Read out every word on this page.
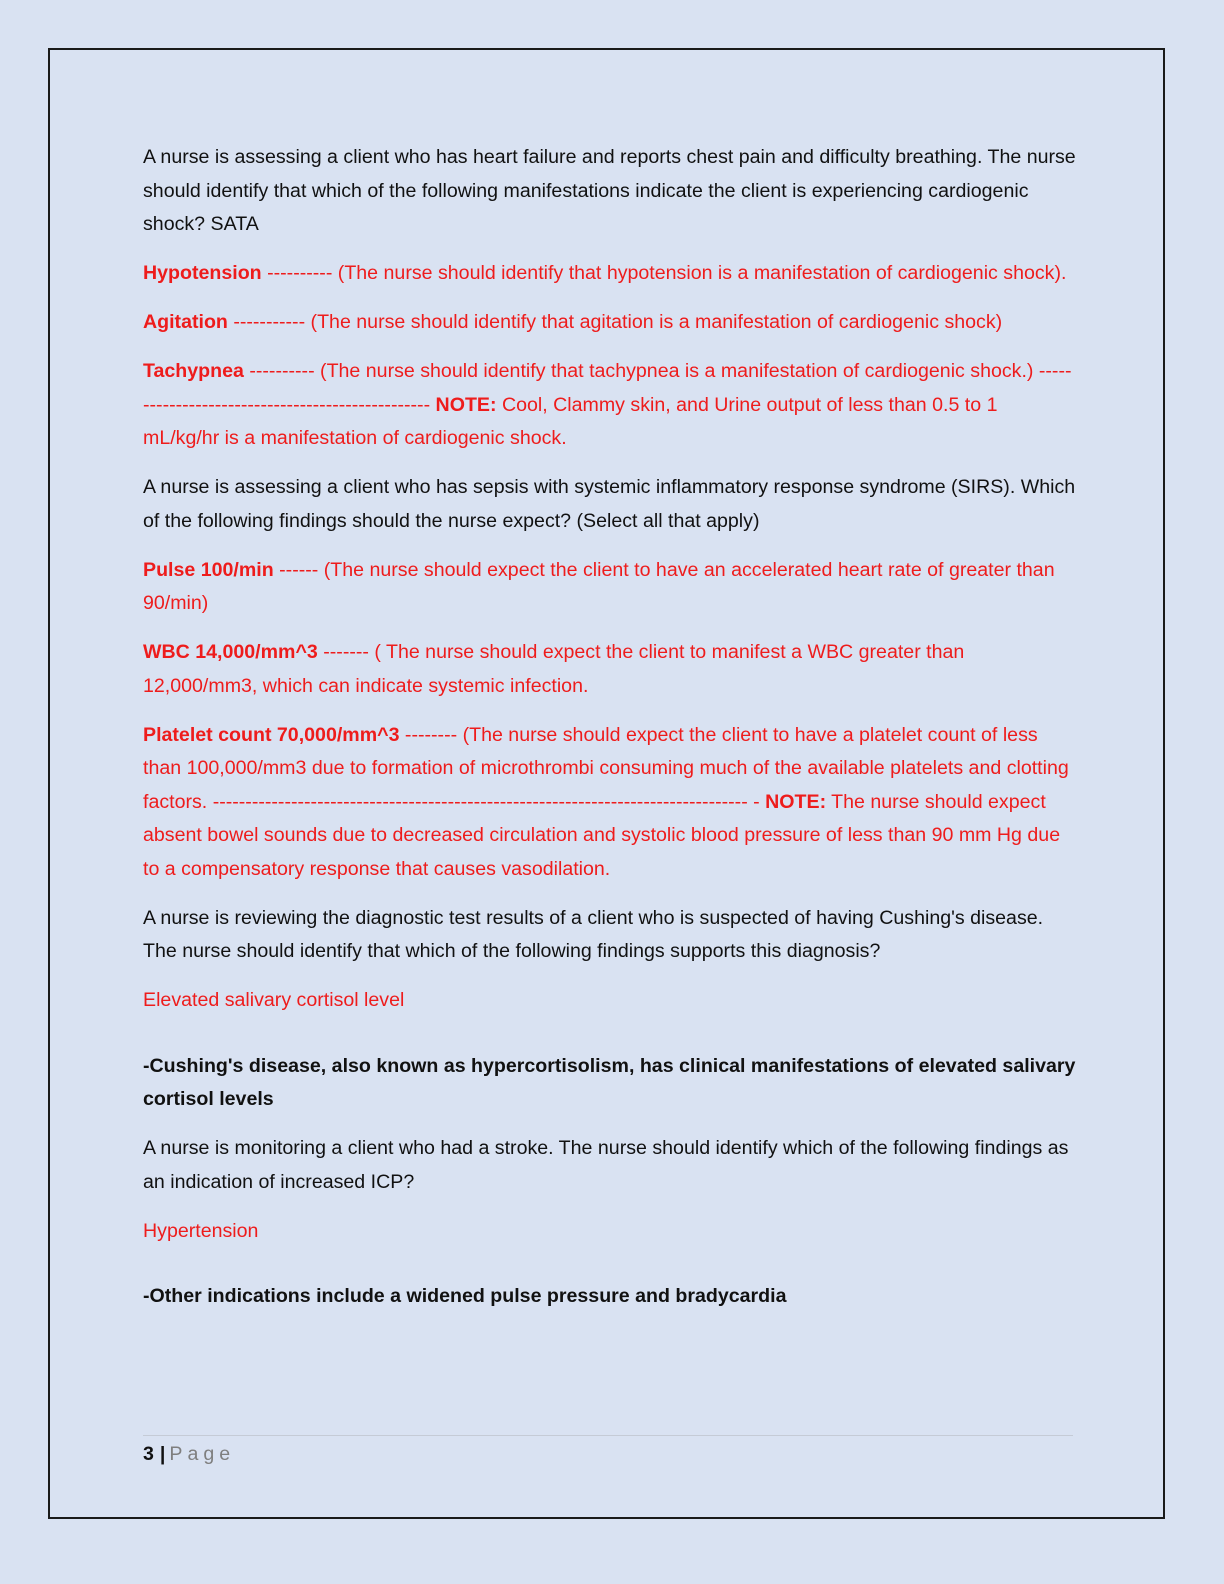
A nurse is assessing a client who has heart failure and reports chest pain and difficulty breathing. The nurse should identify that which of the following manifestations indicate the client is experiencing cardiogenic shock? SATA

Hypotension ---------- (The nurse should identify that hypotension is a manifestation of cardiogenic shock).

Agitation ----------- (The nurse should identify that agitation is a manifestation of cardiogenic shock)

Tachypnea ---------- (The nurse should identify that tachypnea is a manifestation of cardiogenic shock.) ------------------------------------------------- NOTE: Cool, Clammy skin, and Urine output of less than 0.5 to 1 mL/kg/hr is a manifestation of cardiogenic shock.

A nurse is assessing a client who has sepsis with systemic inflammatory response syndrome (SIRS). Which of the following findings should the nurse expect? (Select all that apply)

Pulse 100/min ------ (The nurse should expect the client to have an accelerated heart rate of greater than 90/min)

WBC 14,000/mm^3 ------- ( The nurse should expect the client to manifest a WBC greater than 12,000/mm3, which can indicate systemic infection.

Platelet count 70,000/mm^3 -------- (The nurse should expect the client to have a platelet count of less than 100,000/mm3 due to formation of microthrombi consuming much of the available platelets and clotting factors. ---------------------------------------------------------------------------------- - NOTE: The nurse should expect absent bowel sounds due to decreased circulation and systolic blood pressure of less than 90 mm Hg due to a compensatory response that causes vasodilation.

A nurse is reviewing the diagnostic test results of a client who is suspected of having Cushing's disease. The nurse should identify that which of the following findings supports this diagnosis?

Elevated salivary cortisol level

-Cushing's disease, also known as hypercortisolism, has clinical manifestations of elevated salivary cortisol levels

A nurse is monitoring a client who had a stroke. The nurse should identify which of the following findings as an indication of increased ICP?

Hypertension

-Other indications include a widened pulse pressure and bradycardia

3 | Page
